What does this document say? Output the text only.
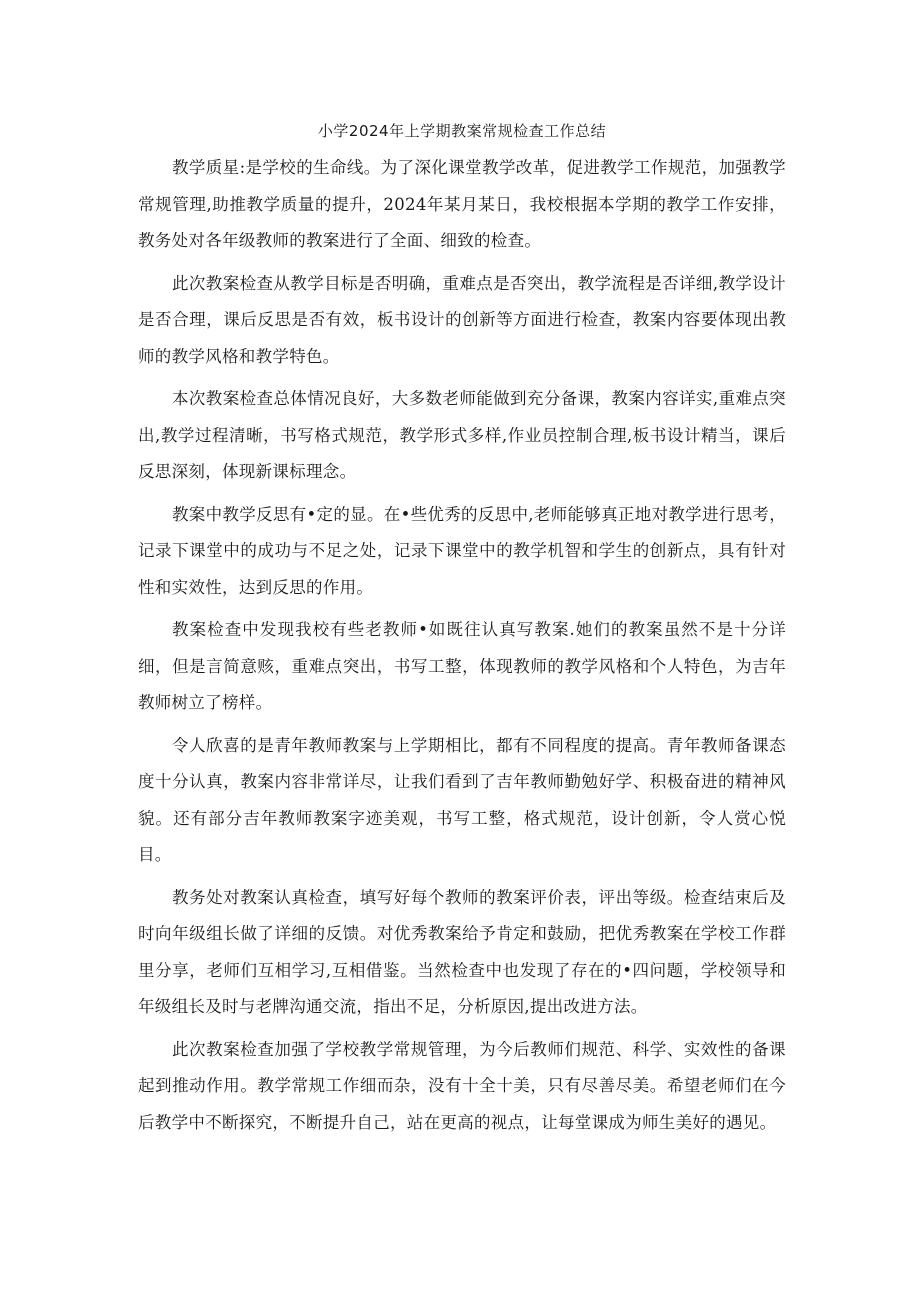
小学2024年上学期教案常规检查工作总结

教学质星:是学校的生命线。为了深化课堂教学改革，促进教学工作规范，加强教学常规管理,助推教学质量的提升，2024年某月某日，我校根据本学期的教学工作安排，教务处对各年级教师的教案进行了全面、细致的检查。

此次教案检查从教学目标是否明确，重难点是否突出，教学流程是否详细,教学设计是否合理，课后反思是否有效，板书设计的创新等方面进行检查，教案内容要体现出教师的教学风格和教学特色。

本次教案检查总体情况良好，大多数老师能做到充分备课，教案内容详实,重难点突出,教学过程清晰，书写格式规范，教学形式多样,作业员控制合理,板书设计精当，课后反思深刻，体现新课标理念。

教案中教学反思有•定的显。在•些优秀的反思中,老师能够真正地对教学进行思考，记录下课堂中的成功与不足之处，记录下课堂中的教学机智和学生的创新点，具有针对性和实效性，达到反思的作用。

教案检查中发现我校有些老教师•如既往认真写教案.她们的教案虽然不是十分详细，但是言简意赅，重难点突出，书写工整，体现教师的教学风格和个人特色，为吉年教师树立了榜样。

令人欣喜的是青年教师教案与上学期相比，都有不同程度的提高。青年教师备课态度十分认真，教案内容非常详尽，让我们看到了吉年教师勤勉好学、积极奋进的精神风貌。还有部分吉年教师教案字迹美观，书写工整，格式规范，设计创新，令人赏心悦目。

教务处对教案认真检查，填写好每个教师的教案评价表，评出等级。检查结束后及时向年级组长做了详细的反馈。对优秀教案给予肯定和鼓励，把优秀教案在学校工作群里分享，老师们互相学习,互相借鉴。当然检查中也发现了存在的•四问题，学校领导和年级组长及时与老牌沟通交流，指出不足，分析原因,提出改进方法。

此次教案检查加强了学校教学常规管理，为今后教师们规范、科学、实效性的备课起到推动作用。教学常规工作细而杂，没有十全十美，只有尽善尽美。希望老师们在今后教学中不断探究，不断提升自己，站在更高的视点，让每堂课成为师生美好的遇见。
